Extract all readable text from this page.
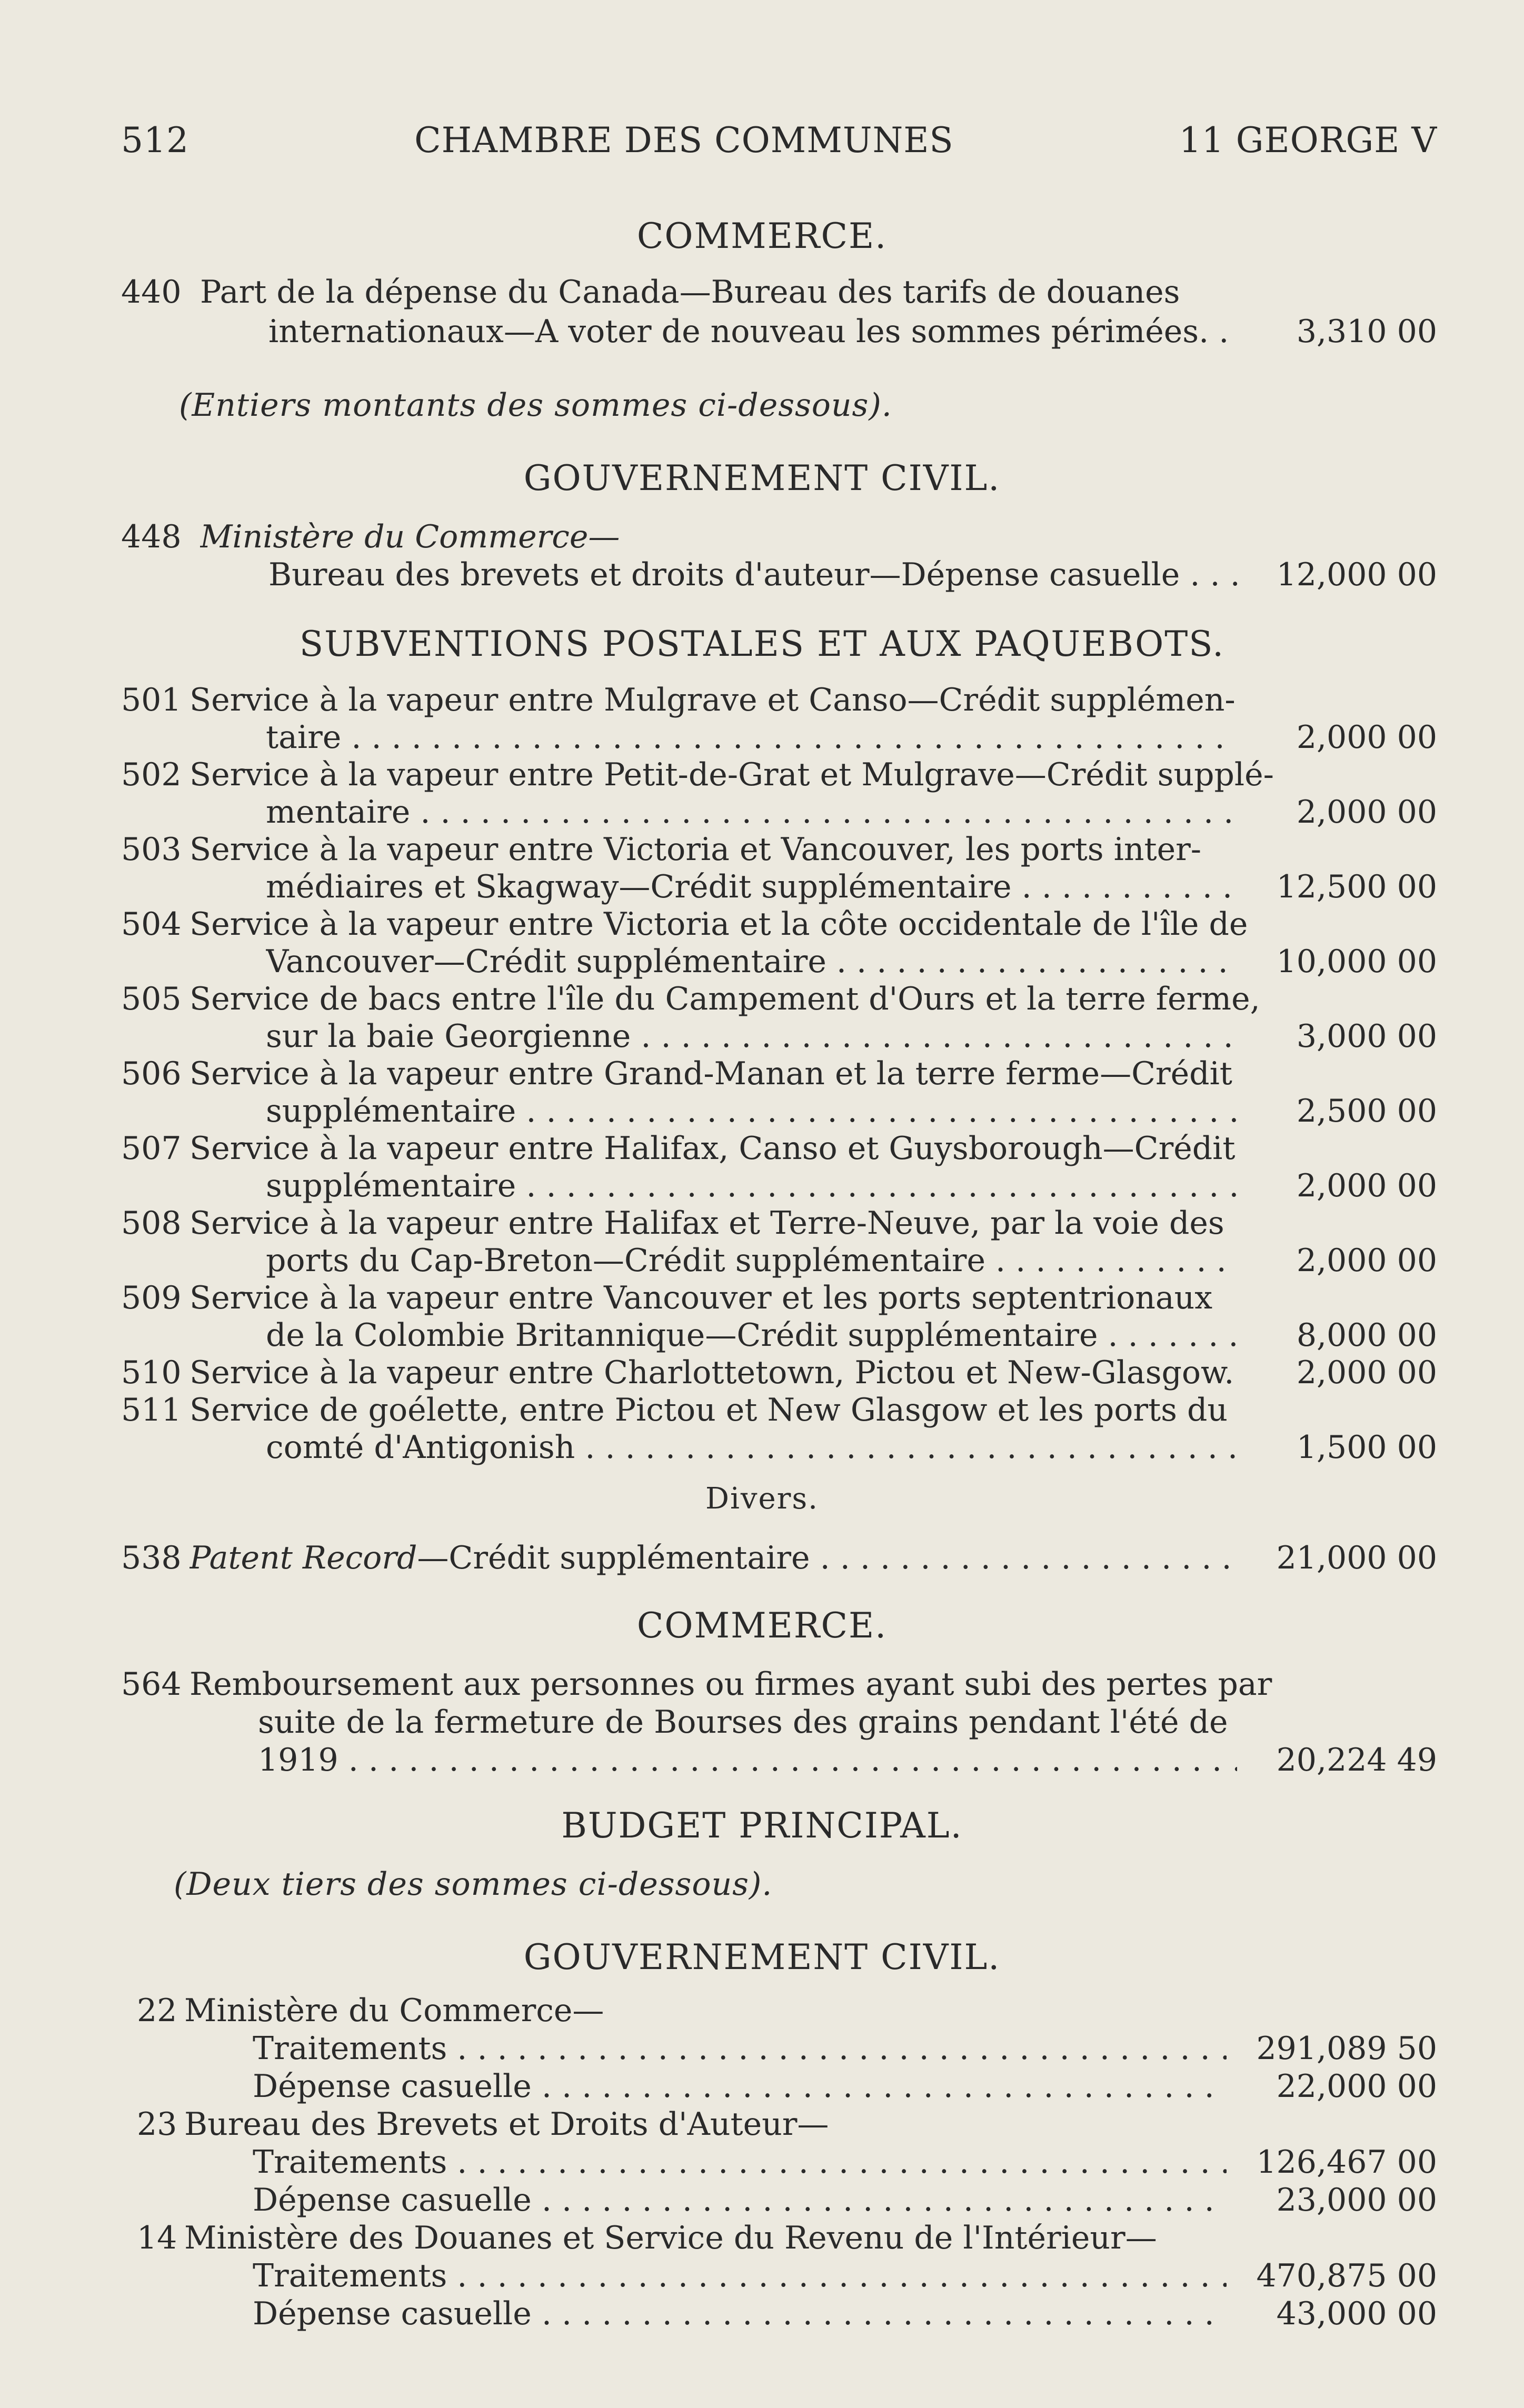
512	CHAMBRE DES COMMUNES	11 GEORGE V
COMMERCE.
440 Part de la dépense du Canada—Bureau des tarifs de douanes
internationaux—A voter de nouveau les sommes périmées. . 3,310 00
(Entiers montants des sommes ci-dessous).
GOUVERNEMENT CIVIL.
448 Ministère du Commerce—
Bureau des brevets et droits d'auteur—Dépense casuelle . . .	12,000 00
SUBVENTIONS POSTALES ET AUX PAQUEBOTS.
501 Service à la vapeur entre Mulgrave et Canso—Crédit supplémen-
taire . . .	2,000 00
502 Service à la vapeur entre Petit-de-Grat et Mulgrave—Crédit supplé-
mentaire . . .	2,000 00
503 Service à la vapeur entre Victoria et Vancouver, les ports inter-
médiaires et Skagway—Crédit supplémentaire . . .	12,500 00
504 Service à la vapeur entre Victoria et la côte occidentale de l'île de
Vancouver—Crédit supplémentaire . . .	10,000 00
505 Service de bacs entre l'île du Campement d'Ours et la terre ferme,
sur la baie Georgienne . . .	3,000 00
506 Service à la vapeur entre Grand-Manan et la terre ferme—Crédit
supplémentaire . . .	2,500 00
507 Service à la vapeur entre Halifax, Canso et Guysborough—Crédit
supplémentaire . . .	2,000 00
508 Service à la vapeur entre Halifax et Terre-Neuve, par la voie des
ports du Cap-Breton—Crédit supplémentaire . . .	2,000 00
509 Service à la vapeur entre Vancouver et les ports septentrionaux
de la Colombie Britannique—Crédit supplémentaire . . .	8,000 00
510 Service à la vapeur entre Charlottetown, Pictou et New-Glasgow. 2,000 00
511 Service de goélette, entre Pictou et New Glasgow et les ports du
comté d'Antigonish . . .	1,500 00
Divers.
538 Patent Record—Crédit supplémentaire . . .	21,000 00
COMMERCE.
564 Remboursement aux personnes ou firmes ayant subi des pertes par
suite de la fermeture de Bourses des grains pendant l'été de
1919 . . .	20,224 49
BUDGET PRINCIPAL.
(Deux tiers des sommes ci-dessous).
GOUVERNEMENT CIVIL.
22 Ministère du Commerce—
Traitements . . .	291,089 50
Dépense casuelle . . .	22,000 00
23 Bureau des Brevets et Droits d'Auteur—
Traitements . . .	126,467 00
Dépense casuelle . . .	23,000 00
14 Ministère des Douanes et Service du Revenu de l'Intérieur—
Traitements . . .	470,875 00
Dépense casuelle . . .	43,000 00
